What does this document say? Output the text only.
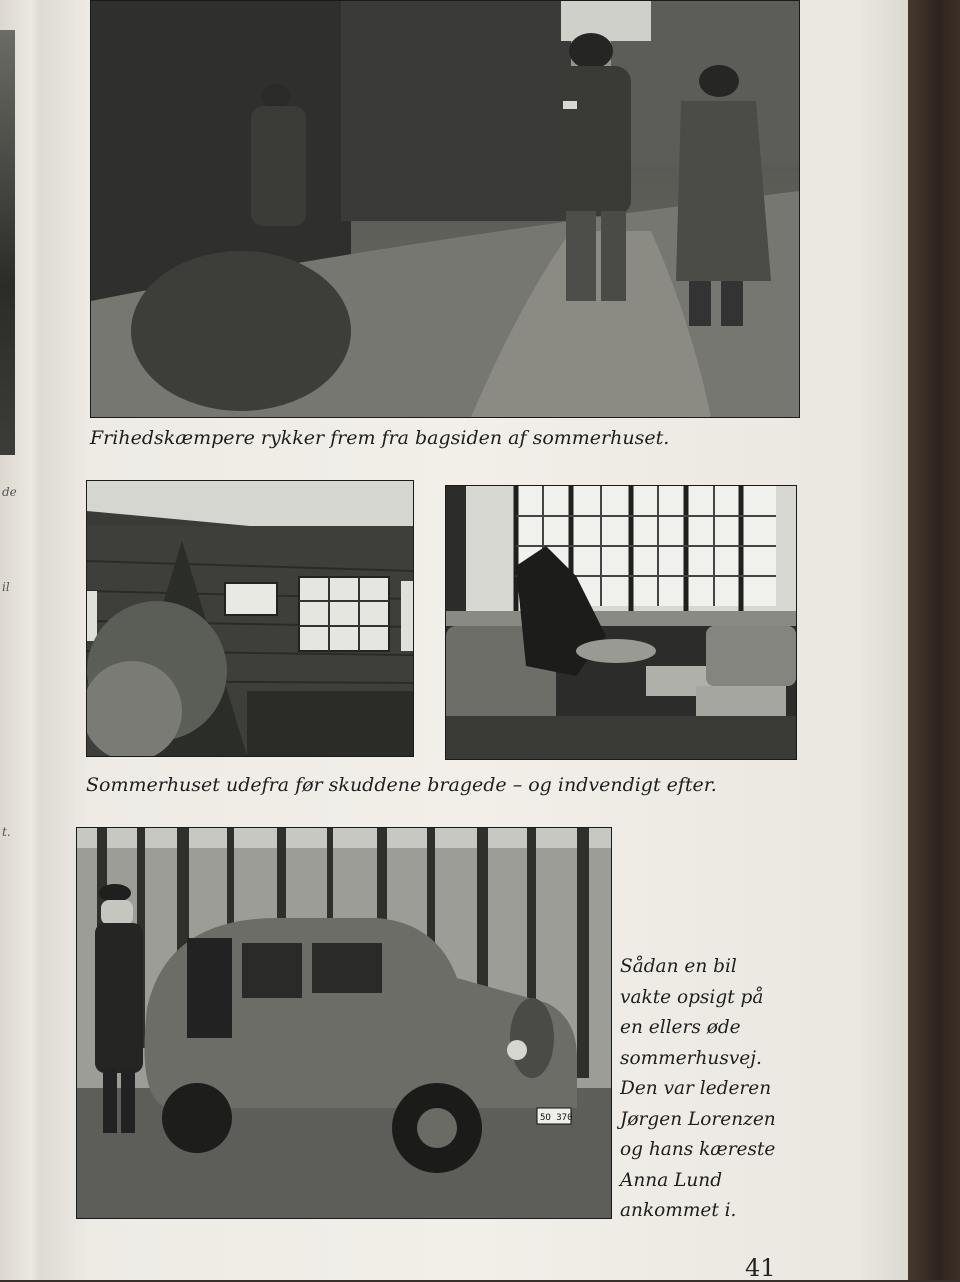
de
il
t.
Frihedskæmpere rykker frem fra bagsiden af sommerhuset.
Sommerhuset udefra før skuddene bragede – og indvendigt efter.
5O 370
Sådan en bil
vakte opsigt på
en ellers øde
sommerhusvej.
Den var lederen
Jørgen Lorenzen
og hans kæreste
Anna Lund
ankommet i.
41
